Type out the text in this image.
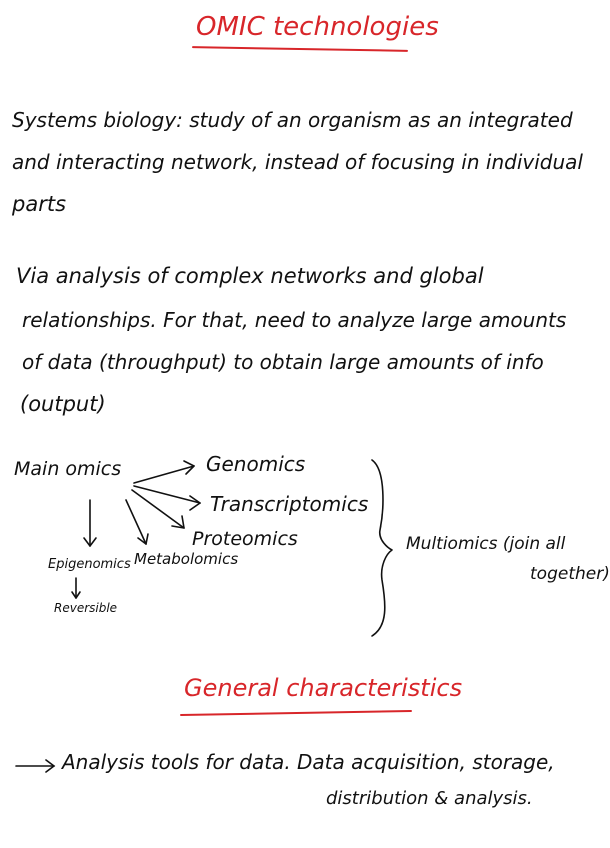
OMIC technologies
Systems biology: study of an organism as an integrated
and interacting network, instead of focusing in individual
parts
Via analysis of complex networks and global
relationships. For that, need to analyze large amounts
of data (throughput) to obtain large amounts of info
(output)
Main omics	Genomics
Transcriptomics
Proteomics
Metabolomics
Epigenomics
Reversible
Multiomics (join all
together)
General characteristics
Analysis tools for data. Data acquisition, storage,
distribution & analysis.
